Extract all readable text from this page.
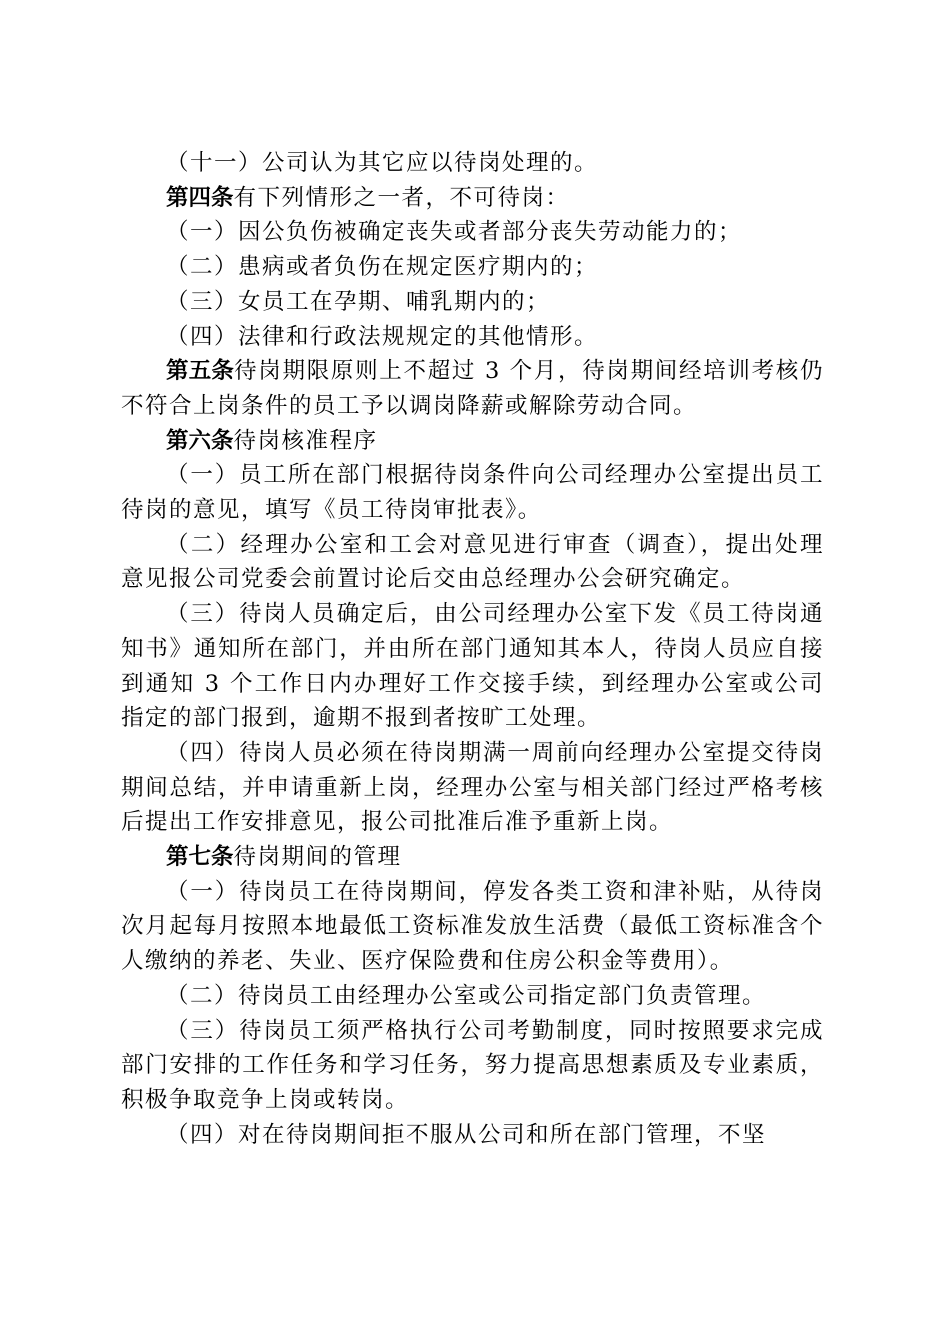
（十一）公司认为其它应以待岗处理的。

第四条有下列情形之一者，不可待岗：

（一）因公负伤被确定丧失或者部分丧失劳动能力的；

（二）患病或者负伤在规定医疗期内的；

（三）女员工在孕期、哺乳期内的；

（四）法律和行政法规规定的其他情形。

第五条待岗期限原则上不超过 3 个月，待岗期间经培训考核仍不符合上岗条件的员工予以调岗降薪或解除劳动合同。

第六条待岗核准程序

（一）员工所在部门根据待岗条件向公司经理办公室提出员工待岗的意见，填写《员工待岗审批表》。

（二）经理办公室和工会对意见进行审查（调查），提出处理意见报公司党委会前置讨论后交由总经理办公会研究确定。

（三）待岗人员确定后，由公司经理办公室下发《员工待岗通知书》通知所在部门，并由所在部门通知其本人，待岗人员应自接到通知 3 个工作日内办理好工作交接手续，到经理办公室或公司指定的部门报到，逾期不报到者按旷工处理。

（四）待岗人员必须在待岗期满一周前向经理办公室提交待岗期间总结，并申请重新上岗，经理办公室与相关部门经过严格考核后提出工作安排意见，报公司批准后准予重新上岗。

第七条待岗期间的管理

（一）待岗员工在待岗期间，停发各类工资和津补贴，从待岗次月起每月按照本地最低工资标准发放生活费（最低工资标准含个人缴纳的养老、失业、医疗保险费和住房公积金等费用）。

（二）待岗员工由经理办公室或公司指定部门负责管理。

（三）待岗员工须严格执行公司考勤制度，同时按照要求完成部门安排的工作任务和学习任务，努力提高思想素质及专业素质，积极争取竞争上岗或转岗。

（四）对在待岗期间拒不服从公司和所在部门管理，不坚
